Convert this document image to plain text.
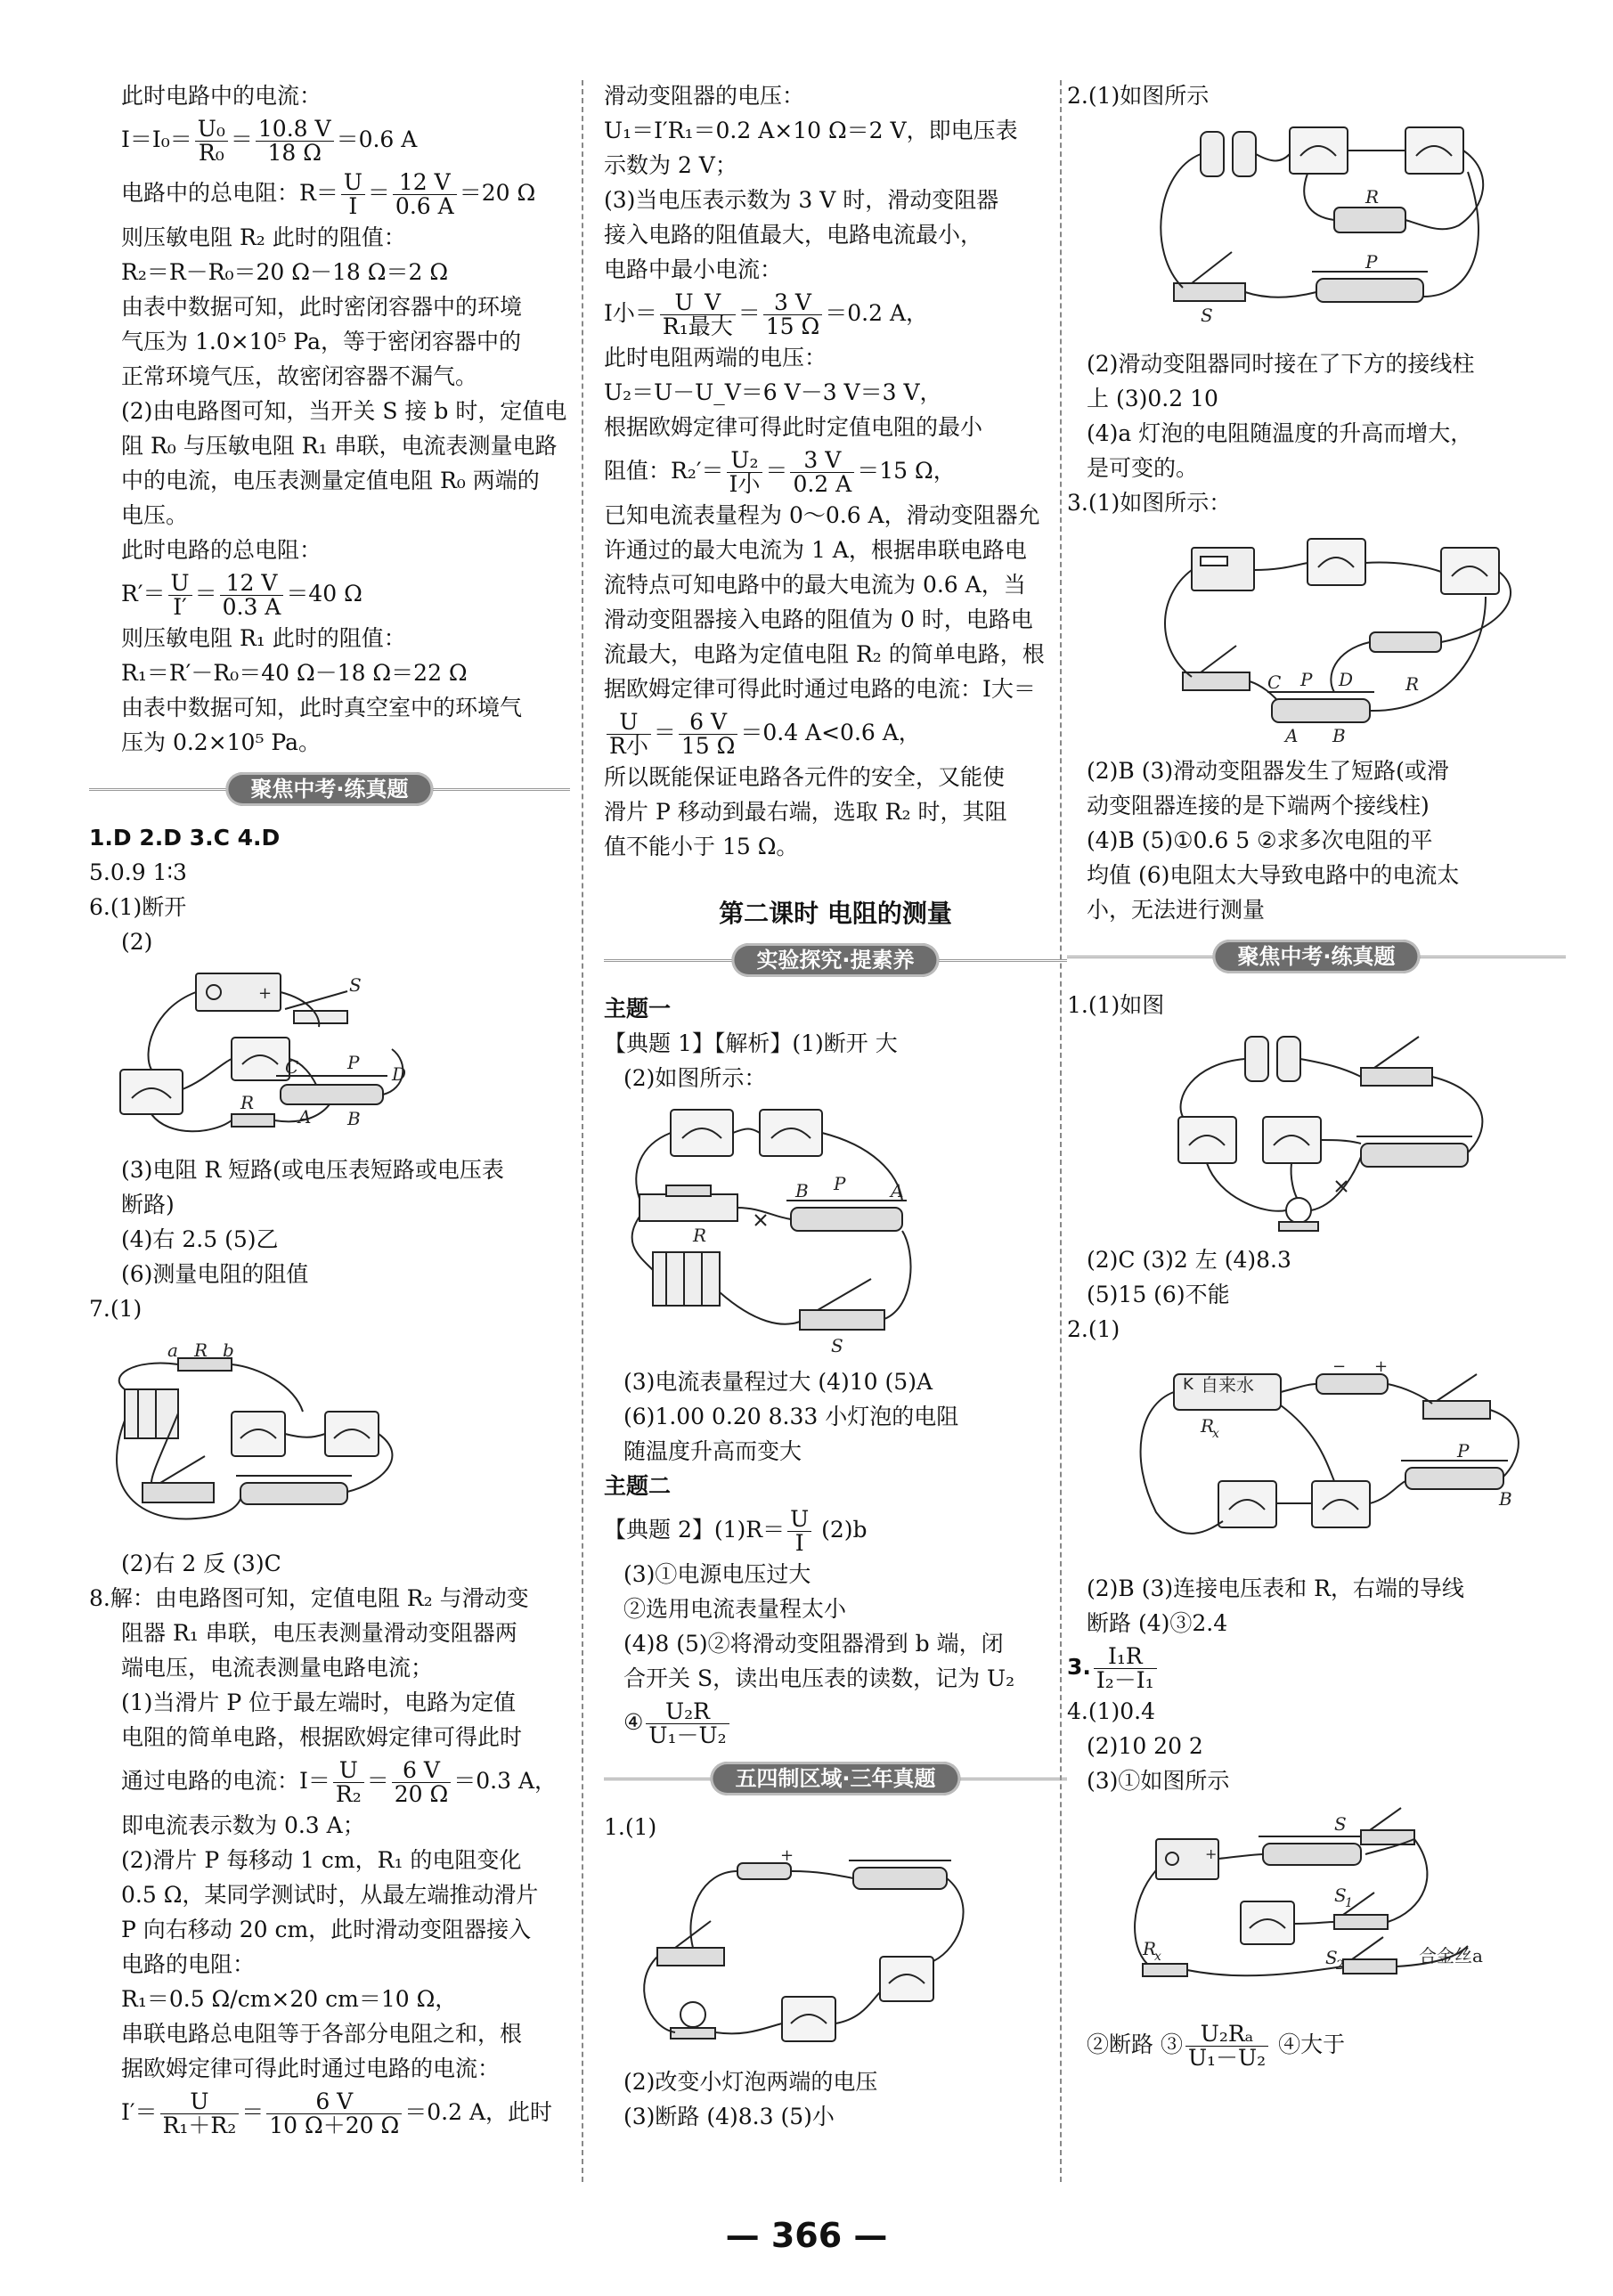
此时电路中的电流：
$I=I_0= \frac{\text{U₀}}{\text{R₀}} = \frac{10.8 V}{18 \Omega} =0.6$ A
电路中的总电阻：$R= \frac{U}{I} = \frac{12 V}{0.6 A} =20$ Ω
则压敏电阻 R₂ 此时的阻值：
R₂＝R－R₀＝20 Ω－18 Ω＝2 Ω
由表中数据可知，此时密闭容器中的环境
气压为 1.0×10⁵ Pa，等于密闭容器中的
正常环境气压，故密闭容器不漏气。
(2)由电路图可知，当开关 S 接 b 时，定值电
阻 R₀ 与压敏电阻 R₁ 串联，电流表测量电路
中的电流，电压表测量定值电阻 R₀ 两端的
电压。
此时电路的总电阻：
$R'= \frac{U}{I'} = \frac{12 V}{0.3 A} =40$ Ω
则压敏电阻 R₁ 此时的阻值：
R₁＝R′－R₀＝40 Ω－18 Ω＝22 Ω
由表中数据可知，此时真空室中的环境气
压为 0.2×10⁵ Pa。
聚焦中考·练真题
1.D 2.D 3.C 4.D
5.0.9 1∶3
6.(1)断开
(2)
+	S
C	P
D
A B
R
(3)电阻 R 短路(或电压表短路或电压表
断路)
(4)右 2.5 (5)乙
(6)测量电阻的阻值
7.(1)
a R b
(2)右 2 反 (3)C
8.解：由电路图可知，定值电阻 R₂ 与滑动变
阻器 R₁ 串联，电压表测量滑动变阻器两
端电压，电流表测量电路电流；
(1)当滑片 P 位于最左端时，电路为定值
电阻的简单电路，根据欧姆定律可得此时
通过电路的电流：$I= \frac{U}{\text{R₂}} = \frac{6 V}{20 \Omega} =0.3$ A，
即电流表示数为 0.3 A；
(2)滑片 P 每移动 1 cm，R₁ 的电阻变化
0.5 Ω，某同学测试时，从最左端推动滑片
P 向右移动 20 cm，此时滑动变阻器接入
电路的电阻：
R₁＝0.5 Ω/cm×20 cm＝10 Ω，
串联电路总电阻等于各部分电阻之和，根
据欧姆定律可得此时通过电路的电流：
$I'= \frac{U}{\text{R₁＋R₂}} = \frac{6 V}{10 \Omega+20 \Omega} =0.2$ A，此时
滑动变阻器的电压：
U₁＝I′R₁＝0.2 A×10 Ω＝2 V，即电压表
示数为 2 V；
(3)当电压表示数为 3 V 时，滑动变阻器
接入电路的阻值最大，电路电流最小，
电路中最小电流：
I小＝ $\frac{U\_V}{\text{R₁最大}} = \frac{3 V}{15 \Omega} =0.2$ A，
此时电阻两端的电压：
U₂＝U－U_V＝6 V－3 V＝3 V，
根据欧姆定律可得此时定值电阻的最小
阻值：$R_2'= \frac{\text{U₂}}{\text{I小}} = \frac{3 V}{0.2 A} =15$ Ω，
已知电流表量程为 0～0.6 A，滑动变阻器允
许通过的最大电流为 1 A，根据串联电路电
流特点可知电路中的最大电流为 0.6 A，当
滑动变阻器接入电路的阻值为 0 时，电路电
流最大，电路为定值电阻 R₂ 的简单电路，根
据欧姆定律可得此时通过电路的电流：I大＝
$\frac{U}{\text{R小}} = \frac{6 V}{15 \Omega} =0.4$ A<0.6 A，
所以既能保证电路各元件的安全，又能使
滑片 P 移动到最右端，选取 R₂ 时，其阻
值不能小于 15 Ω。
第二课时 电阻的测量
实验探究·提素养
主题一
【典题 1】【解析】(1)断开 大
(2)如图所示：
B P	A
R
S
(3)电流表量程过大 (4)10 (5)A
(6)1.00 0.20 8.33 小灯泡的电阻
随温度升高而变大
主题二
【典题 2】$(1)R= \frac{U}{I} (2)b$
(3)①电源电压过大
②选用电流表量程太小
(4)8 (5)②将滑动变阻器滑到 b 端，闭
合开关 S，读出电压表的读数，记为 U₂
④ $\frac{\text{U₂R}}{\text{U₁－U₂}}$
五四制区域·三年真题
1.(1)
+
(2)改变小灯泡两端的电压
(3)断路 (4)8.3 (5)小
2.(1)如图所示
R
P
S
(2)滑动变阻器同时接在了下方的接线柱
上 (3)0.2 10
(4)a 灯泡的电阻随温度的升高而增大，
是可变的。
3.(1)如图所示：
C P D	R
A B
(2)B (3)滑动变阻器发生了短路(或滑
动变阻器连接的是下端两个接线柱)
(4)B (5)①0.6 5 ②求多次电阻的平
均值 (6)电阻太大导致电路中的电流太
小，无法进行测量
聚焦中考·练真题
1.(1)如图
(2)C (3)2 左 (4)8.3
(5)15 (6)不能
2.(1)
K 自来水
R
x
P
B
− +
(2)B (3)连接电压表和 R，右端的导线
断路 (4)③2.4
3. $\frac{\text{I₁R}}{\text{I₂－I₁}}$
4.(1)0.4
(2)10 20 2
(3)①如图所示
+
S
S
1
S
2
R
x	合金丝a
②断路 ③ $\frac{\text{U₂Rₐ}}{\text{U₁－U₂}}$ ④大于
— 366 —
